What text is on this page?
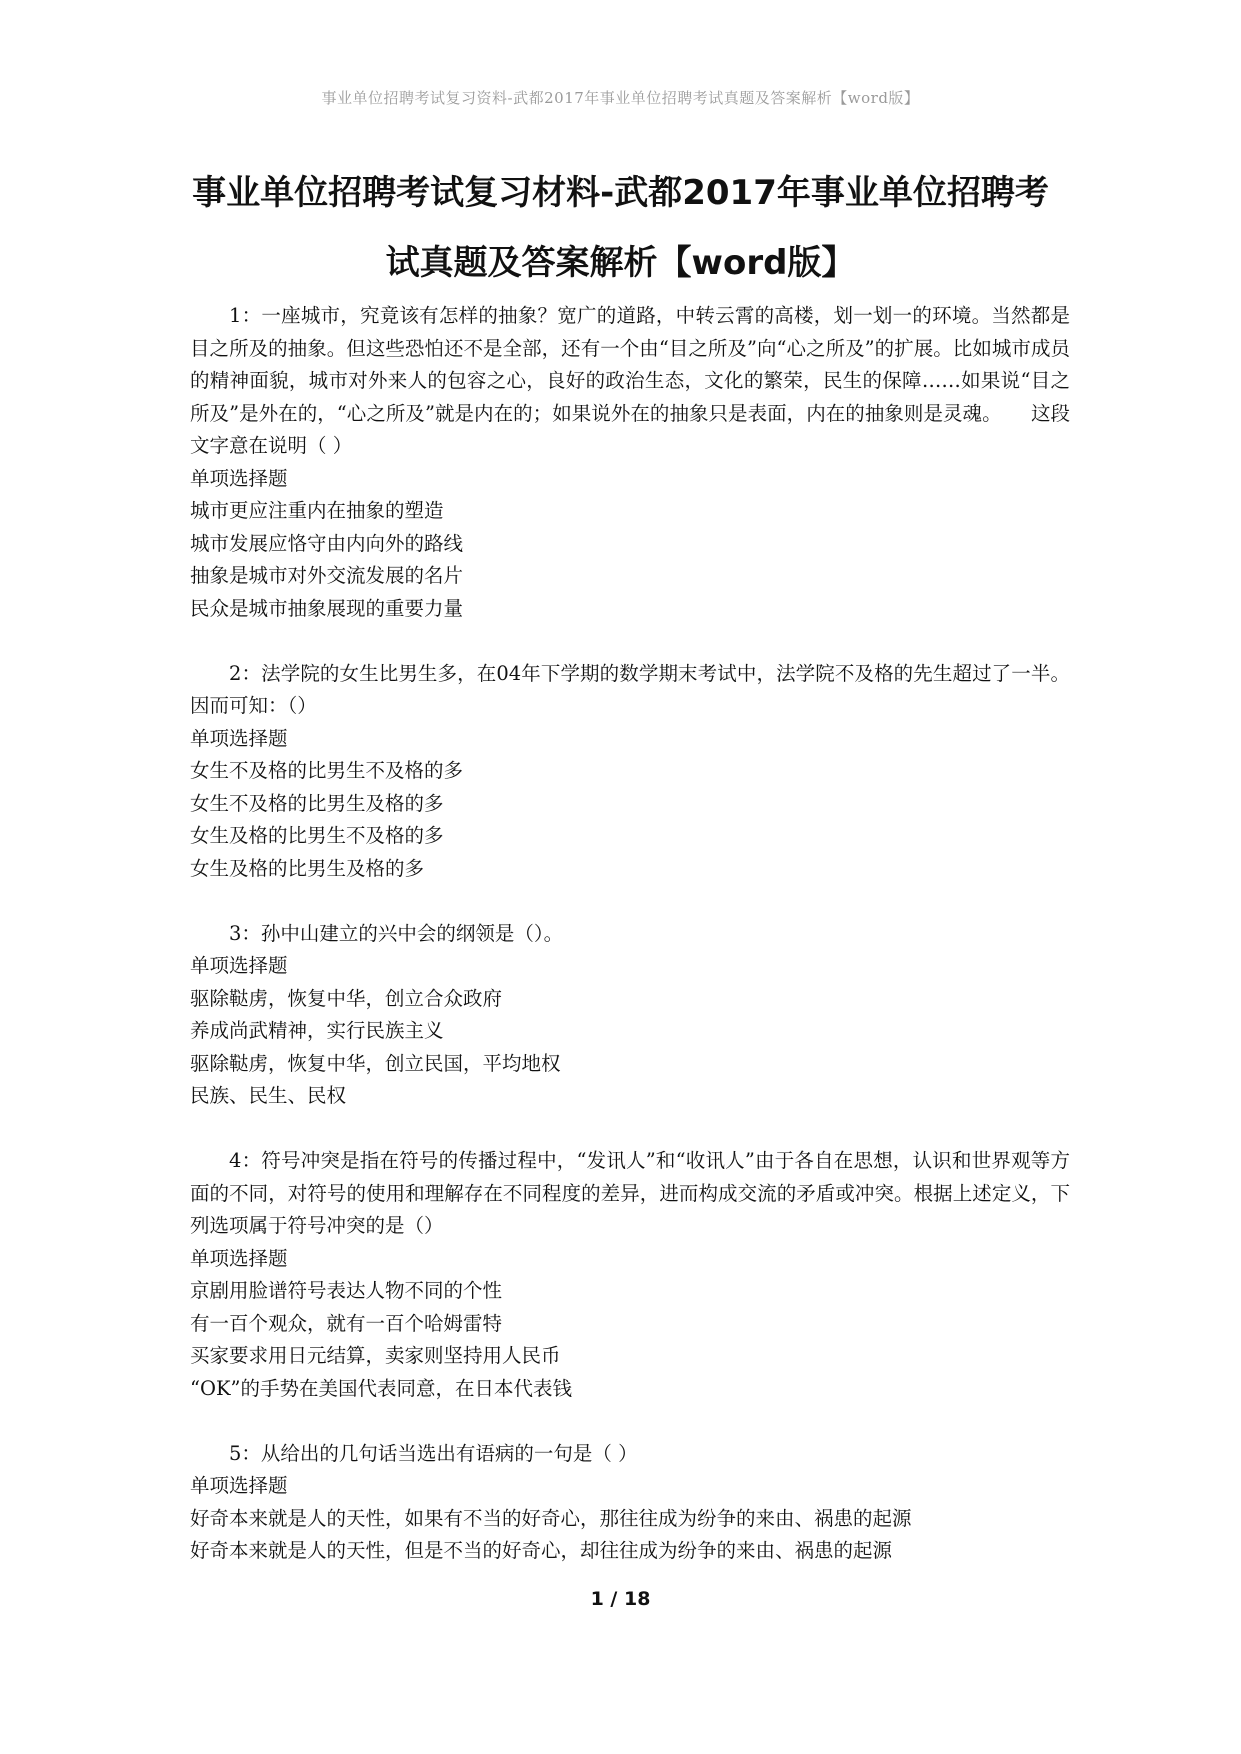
事业单位招聘考试复习资料-武都2017年事业单位招聘考试真题及答案解析【word版】
事业单位招聘考试复习材料-武都2017年事业单位招聘考
试真题及答案解析【word版】

1：一座城市，究竟该有怎样的抽象？宽广的道路，中转云霄的高楼，划一划一的环境。当然都是目之所及的抽象。但这些恐怕还不是全部，还有一个由“目之所及”向“心之所及”的扩展。比如城市成员的精神面貌，城市对外来人的包容之心，良好的政治生态，文化的繁荣，民生的保障……如果说“目之所及”是外在的，“心之所及”就是内在的；如果说外在的抽象只是表面，内在的抽象则是灵魂。　　这段文字意在说明（ ）

单项选择题

城市更应注重内在抽象的塑造
城市发展应恪守由内向外的路线
抽象是城市对外交流发展的名片
民众是城市抽象展现的重要力量

2：法学院的女生比男生多，在04年下学期的数学期末考试中，法学院不及格的先生超过了一半。因而可知：（）

单项选择题

女生不及格的比男生不及格的多
女生不及格的比男生及格的多
女生及格的比男生不及格的多
女生及格的比男生及格的多

3：孙中山建立的兴中会的纲领是（）。

单项选择题

驱除鞑虏，恢复中华，创立合众政府
养成尚武精神，实行民族主义
驱除鞑虏，恢复中华，创立民国，平均地权
民族、民生、民权

4：符号冲突是指在符号的传播过程中，“发讯人”和“收讯人”由于各自在思想，认识和世界观等方面的不同，对符号的使用和理解存在不同程度的差异，进而构成交流的矛盾或冲突。根据上述定义，下列选项属于符号冲突的是（）

单项选择题

京剧用脸谱符号表达人物不同的个性
有一百个观众，就有一百个哈姆雷特
买家要求用日元结算，卖家则坚持用人民币
“OK”的手势在美国代表同意，在日本代表钱

5：从给出的几句话当选出有语病的一句是（ ）

单项选择题

好奇本来就是人的天性，如果有不当的好奇心，那往往成为纷争的来由、祸患的起源
好奇本来就是人的天性，但是不当的好奇心，却往往成为纷争的来由、祸患的起源
1 / 18
